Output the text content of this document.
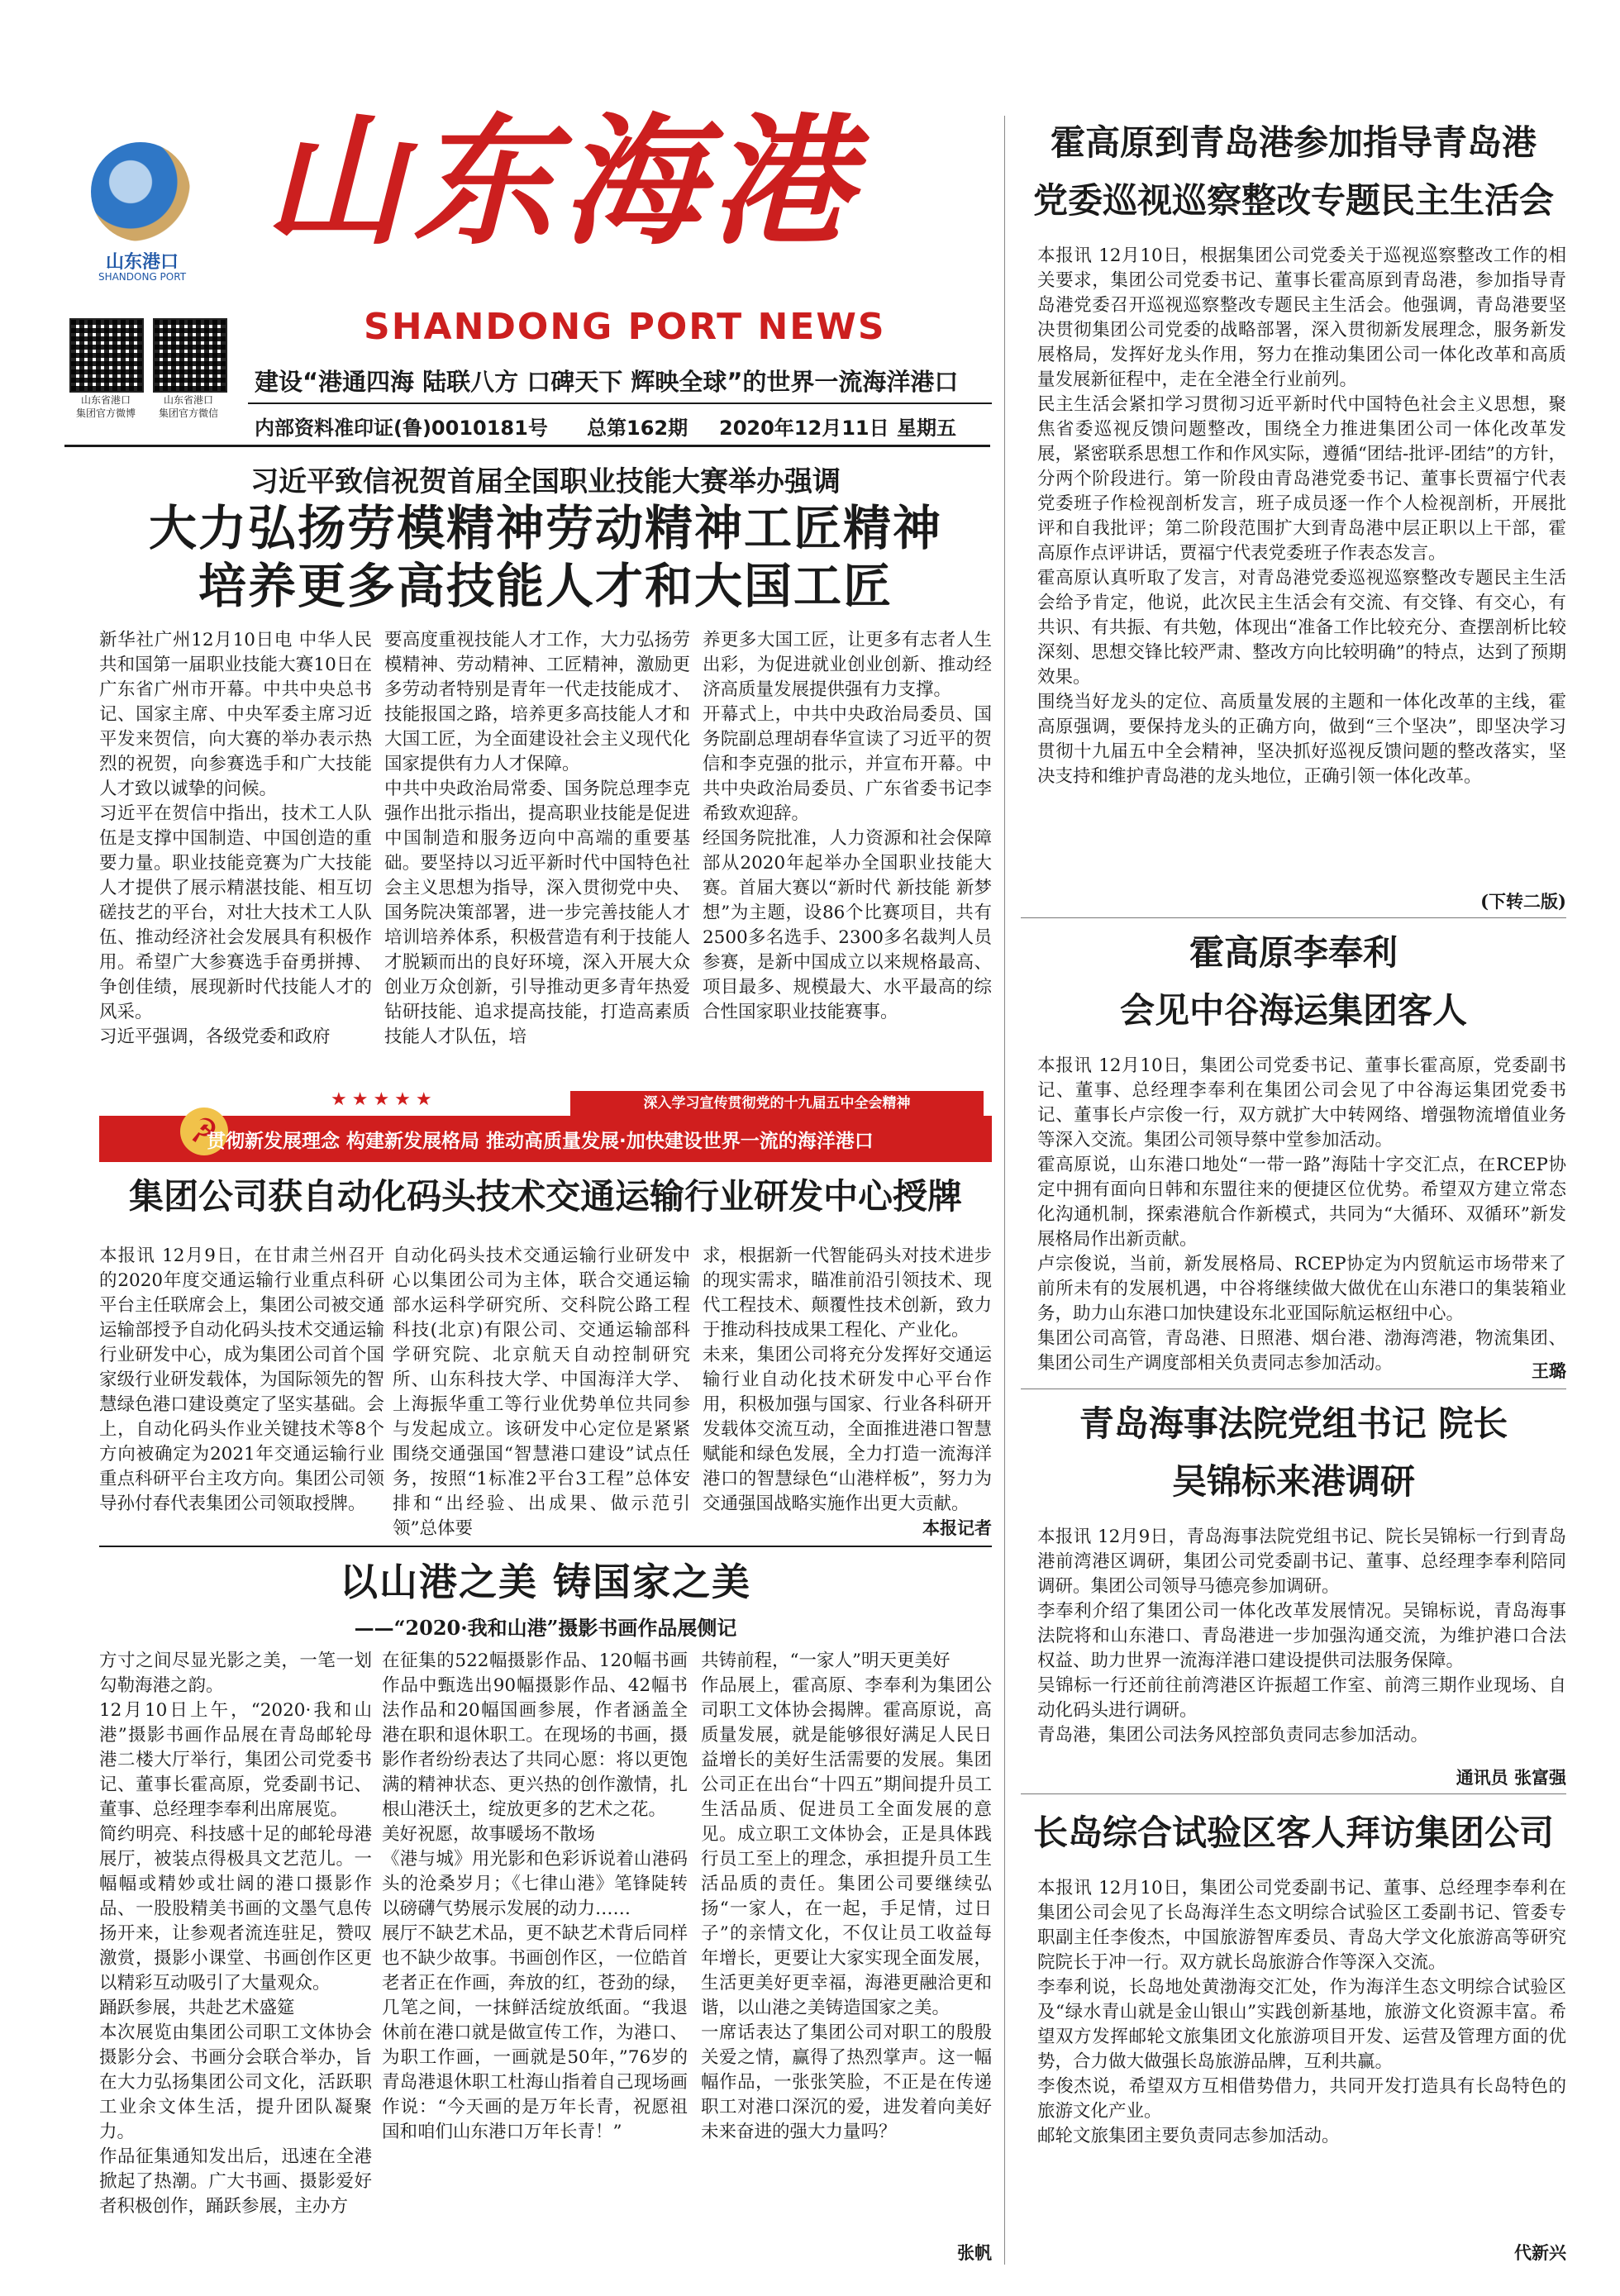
山东港口
SHANDONG PORT
山东海港
SHANDONG PORT NEWS
山东省港口
集团官方微博
山东省港口
集团官方微信
建设“港通四海 陆联八方 口碑天下 辉映全球”的世界一流海洋港口
内部资料准印证(鲁)0010181号 总第162期 2020年12月11日 星期五
习近平致信祝贺首届全国职业技能大赛举办强调
大力弘扬劳模精神劳动精神工匠精神
培养更多高技能人才和大国工匠
新华社广州12月10日电 中华人民共和国第一届职业技能大赛10日在广东省广州市开幕。中共中央总书记、国家主席、中央军委主席习近平发来贺信，向大赛的举办表示热烈的祝贺，向参赛选手和广大技能人才致以诚挚的问候。
习近平在贺信中指出，技术工人队伍是支撑中国制造、中国创造的重要力量。职业技能竞赛为广大技能人才提供了展示精湛技能、相互切磋技艺的平台，对壮大技术工人队伍、推动经济社会发展具有积极作用。希望广大参赛选手奋勇拼搏、争创佳绩，展现新时代技能人才的风采。
习近平强调，各级党委和政府
要高度重视技能人才工作，大力弘扬劳模精神、劳动精神、工匠精神，激励更多劳动者特别是青年一代走技能成才、技能报国之路，培养更多高技能人才和大国工匠，为全面建设社会主义现代化国家提供有力人才保障。
中共中央政治局常委、国务院总理李克强作出批示指出，提高职业技能是促进中国制造和服务迈向中高端的重要基础。要坚持以习近平新时代中国特色社会主义思想为指导，深入贯彻党中央、国务院决策部署，进一步完善技能人才培训培养体系，积极营造有利于技能人才脱颖而出的良好环境，深入开展大众创业万众创新，引导推动更多青年热爱钻研技能、追求提高技能，打造高素质技能人才队伍，培
养更多大国工匠，让更多有志者人生出彩，为促进就业创业创新、推动经济高质量发展提供强有力支撑。
开幕式上，中共中央政治局委员、国务院副总理胡春华宣读了习近平的贺信和李克强的批示，并宣布开幕。中共中央政治局委员、广东省委书记李希致欢迎辞。
经国务院批准，人力资源和社会保障部从2020年起举办全国职业技能大赛。首届大赛以“新时代 新技能 新梦想”为主题，设86个比赛项目，共有2500多名选手、2300多名裁判人员参赛，是新中国成立以来规格最高、项目最多、规模最大、水平最高的综合性国家职业技能赛事。
★★★★★	深入学习宣传贯彻党的十九届五中全会精神
☭
贯彻新发展理念 构建新发展格局 推动高质量发展·加快建设世界一流的海洋港口
集团公司获自动化码头技术交通运输行业研发中心授牌
本报讯 12月9日，在甘肃兰州召开的2020年度交通运输行业重点科研平台主任联席会上，集团公司被交通运输部授予自动化码头技术交通运输行业研发中心，成为集团公司首个国家级行业研发载体，为国际领先的智慧绿色港口建设奠定了坚实基础。会上，自动化码头作业关键技术等8个方向被确定为2021年交通运输行业重点科研平台主攻方向。集团公司领导孙付春代表集团公司领取授牌。
自动化码头技术交通运输行业研发中心以集团公司为主体，联合交通运输部水运科学研究所、交科院公路工程科技(北京)有限公司、交通运输部科学研究院、北京航天自动控制研究所、山东科技大学、中国海洋大学、上海振华重工等行业优势单位共同参与发起成立。该研发中心定位是紧紧围绕交通强国“智慧港口建设”试点任务，按照“1标准2平台3工程”总体安排和“出经验、出成果、做示范引领”总体要
求，根据新一代智能码头对技术进步的现实需求，瞄准前沿引领技术、现代工程技术、颠覆性技术创新，致力于推动科技成果工程化、产业化。
未来，集团公司将充分发挥好交通运输行业自动化技术研发中心平台作用，积极加强与国家、行业各科研开发载体交流互动，全面推进港口智慧赋能和绿色发展，全力打造一流海洋港口的智慧绿色“山港样板”，努力为交通强国战略实施作出更大贡献。
本报记者
以山港之美 铸国家之美
——“2020·我和山港”摄影书画作品展侧记
方寸之间尽显光影之美，一笔一划勾勒海港之韵。
12月10日上午，“2020·我和山港”摄影书画作品展在青岛邮轮母港二楼大厅举行，集团公司党委书记、董事长霍高原，党委副书记、董事、总经理李奉利出席展览。
简约明亮、科技感十足的邮轮母港展厅，被装点得极具文艺范儿。一幅幅或精妙或壮阔的港口摄影作品、一股股精美书画的文墨气息传扬开来，让参观者流连驻足，赞叹激赏，摄影小课堂、书画创作区更以精彩互动吸引了大量观众。
踊跃参展，共赴艺术盛筵
本次展览由集团公司职工文体协会摄影分会、书画分会联合举办，旨在大力弘扬集团公司文化，活跃职工业余文体生活，提升团队凝聚力。
作品征集通知发出后，迅速在全港掀起了热潮。广大书画、摄影爱好者积极创作，踊跃参展，主办方
在征集的522幅摄影作品、120幅书画作品中甄选出90幅摄影作品、42幅书法作品和20幅国画参展，作者涵盖全港在职和退休职工。在现场的书画，摄影作者纷纷表达了共同心愿：将以更饱满的精神状态、更兴热的创作激情，扎根山港沃土，绽放更多的艺术之花。
美好祝愿，故事暖场不散场
《港与城》用光影和色彩诉说着山港码头的沧桑岁月；《七律山港》笔锋陡转以磅礴气势展示发展的动力……
展厅不缺艺术品，更不缺艺术背后同样也不缺少故事。书画创作区，一位皓首老者正在作画，奔放的红，苍劲的绿，几笔之间，一抹鲜活绽放纸面。“我退休前在港口就是做宣传工作，为港口、为职工作画，一画就是50年，”76岁的青岛港退休职工杜海山指着自己现场画作说：“今天画的是万年长青，祝愿祖国和咱们山东港口万年长青！”
共铸前程，“一家人”明天更美好
作品展上，霍高原、李奉利为集团公司职工文体协会揭牌。霍高原说，高质量发展，就是能够很好满足人民日益增长的美好生活需要的发展。集团公司正在出台“十四五”期间提升员工生活品质、促进员工全面发展的意见。成立职工文体协会，正是具体践行员工至上的理念，承担提升员工生活品质的责任。集团公司要继续弘扬“一家人，在一起，手足情，过日子”的亲情文化，不仅让员工收益每年增长，更要让大家实现全面发展，生活更美好更幸福，海港更融洽更和谐，以山港之美铸造国家之美。
一席话表达了集团公司对职工的殷殷关爱之情，赢得了热烈掌声。这一幅幅作品，一张张笑脸，不正是在传递职工对港口深沉的爱，进发着向美好未来奋进的强大力量吗？
张帆
霍高原到青岛港参加指导青岛港
党委巡视巡察整改专题民主生活会
本报讯 12月10日，根据集团公司党委关于巡视巡察整改工作的相关要求，集团公司党委书记、董事长霍高原到青岛港，参加指导青岛港党委召开巡视巡察整改专题民主生活会。他强调，青岛港要坚决贯彻集团公司党委的战略部署，深入贯彻新发展理念，服务新发展格局，发挥好龙头作用，努力在推动集团公司一体化改革和高质量发展新征程中，走在全港全行业前列。
民主生活会紧扣学习贯彻习近平新时代中国特色社会主义思想，聚焦省委巡视反馈问题整改，围绕全力推进集团公司一体化改革发展，紧密联系思想工作和作风实际，遵循“团结-批评-团结”的方针，分两个阶段进行。第一阶段由青岛港党委书记、董事长贾福宁代表党委班子作检视剖析发言，班子成员逐一作个人检视剖析，开展批评和自我批评；第二阶段范围扩大到青岛港中层正职以上干部，霍高原作点评讲话，贾福宁代表党委班子作表态发言。
霍高原认真听取了发言，对青岛港党委巡视巡察整改专题民主生活会给予肯定，他说，此次民主生活会有交流、有交锋、有交心，有共识、有共振、有共勉，体现出“准备工作比较充分、查摆剖析比较深刻、思想交锋比较严肃、整改方向比较明确”的特点，达到了预期效果。
围绕当好龙头的定位、高质量发展的主题和一体化改革的主线，霍高原强调，要保持龙头的正确方向，做到“三个坚决”，即坚决学习贯彻十九届五中全会精神，坚决抓好巡视反馈问题的整改落实，坚决支持和维护青岛港的龙头地位，正确引领一体化改革。
(下转二版)
霍高原李奉利
会见中谷海运集团客人
本报讯 12月10日，集团公司党委书记、董事长霍高原，党委副书记、董事、总经理李奉利在集团公司会见了中谷海运集团党委书记、董事长卢宗俊一行，双方就扩大中转网络、增强物流增值业务等深入交流。集团公司领导蔡中堂参加活动。
霍高原说，山东港口地处“一带一路”海陆十字交汇点，在RCEP协定中拥有面向日韩和东盟往来的便捷区位优势。希望双方建立常态化沟通机制，探索港航合作新模式，共同为“大循环、双循环”新发展格局作出新贡献。
卢宗俊说，当前，新发展格局、RCEP协定为内贸航运市场带来了前所未有的发展机遇，中谷将继续做大做优在山东港口的集装箱业务，助力山东港口加快建设东北亚国际航运枢纽中心。
集团公司高管，青岛港、日照港、烟台港、渤海湾港，物流集团、集团公司生产调度部相关负责同志参加活动。	王璐
青岛海事法院党组书记 院长
吴锦标来港调研
本报讯 12月9日，青岛海事法院党组书记、院长吴锦标一行到青岛港前湾港区调研，集团公司党委副书记、董事、总经理李奉利陪同调研。集团公司领导马德亮参加调研。
李奉利介绍了集团公司一体化改革发展情况。吴锦标说，青岛海事法院将和山东港口、青岛港进一步加强沟通交流，为维护港口合法权益、助力世界一流海洋港口建设提供司法服务保障。
吴锦标一行还前往前湾港区许振超工作室、前湾三期作业现场、自动化码头进行调研。
青岛港，集团公司法务风控部负责同志参加活动。
通讯员 张富强
长岛综合试验区客人拜访集团公司
本报讯 12月10日，集团公司党委副书记、董事、总经理李奉利在集团公司会见了长岛海洋生态文明综合试验区工委副书记、管委专职副主任李俊杰，中国旅游智库委员、青岛大学文化旅游高等研究院院长于冲一行。双方就长岛旅游合作等深入交流。
李奉利说，长岛地处黄渤海交汇处，作为海洋生态文明综合试验区及“绿水青山就是金山银山”实践创新基地，旅游文化资源丰富。希望双方发挥邮轮文旅集团文化旅游项目开发、运营及管理方面的优势，合力做大做强长岛旅游品牌，互利共赢。
李俊杰说，希望双方互相借势借力，共同开发打造具有长岛特色的旅游文化产业。
邮轮文旅集团主要负责同志参加活动。
代新兴
